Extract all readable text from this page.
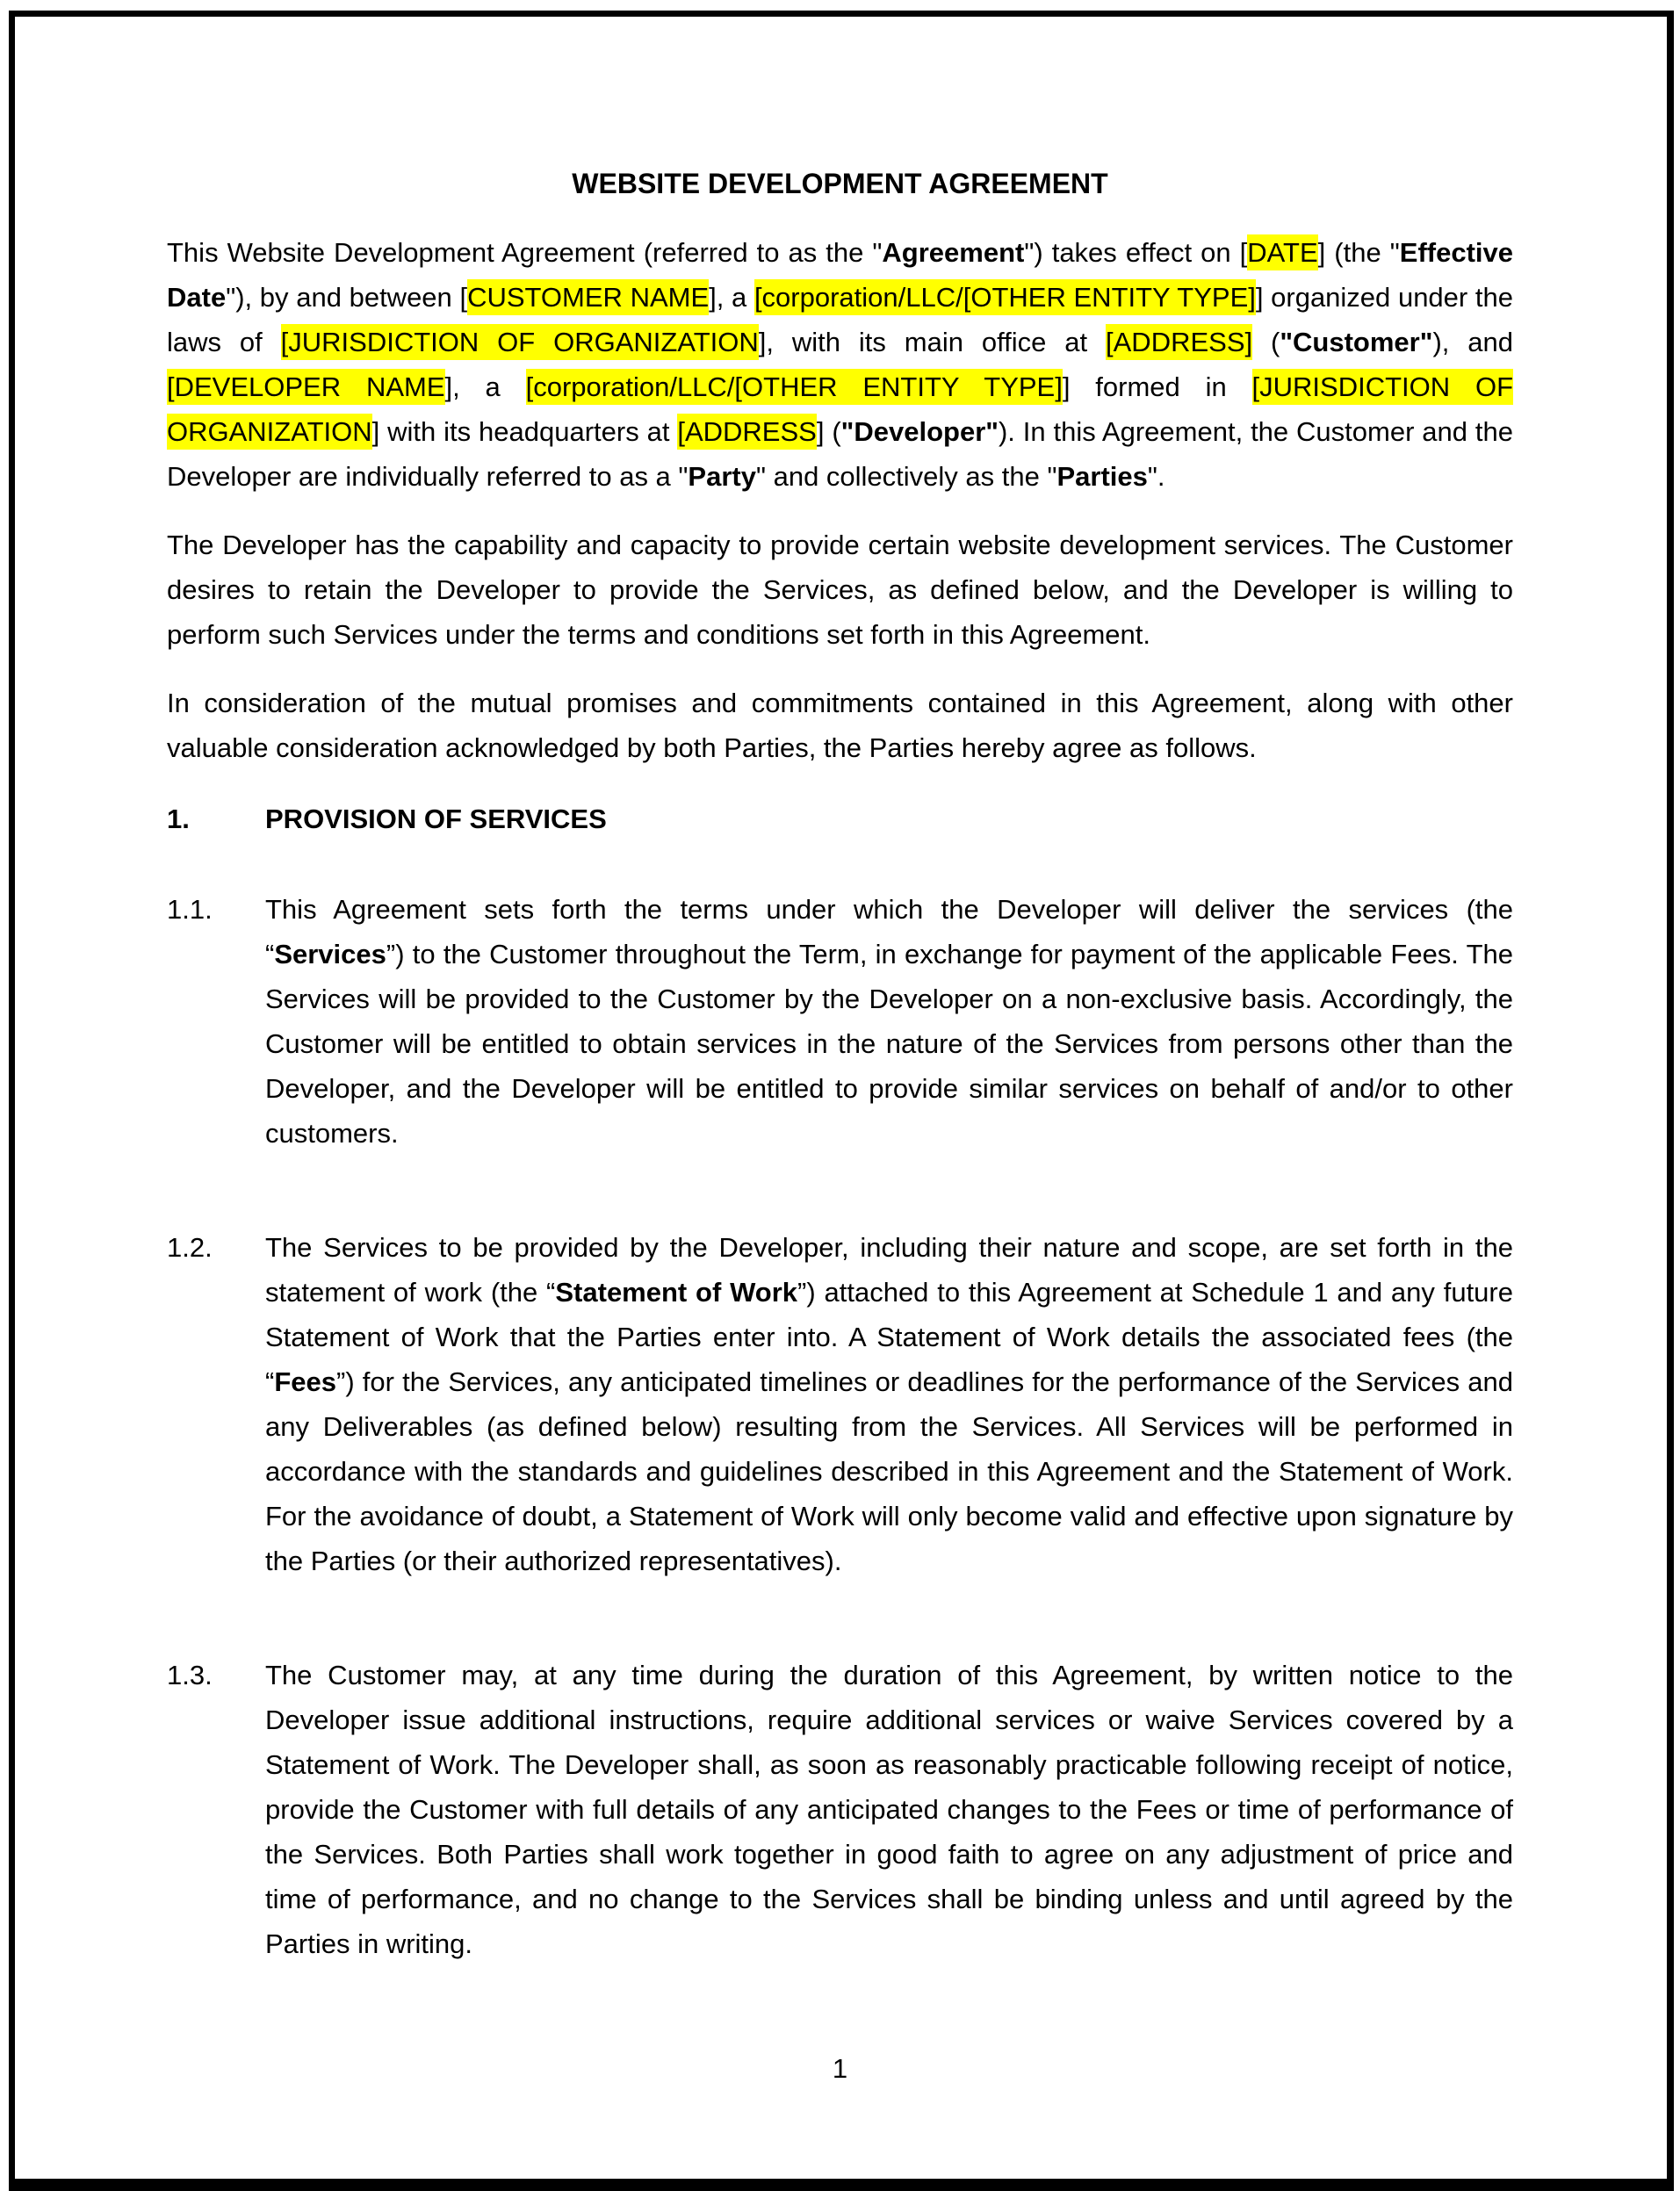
WEBSITE DEVELOPMENT AGREEMENT

This Website Development Agreement (referred to as the "Agreement") takes effect on [DATE] (the "Effective Date"), by and between [CUSTOMER NAME], a [corporation/LLC/[OTHER ENTITY TYPE]] organized under the laws of [JURISDICTION OF ORGANIZATION], with its main office at [ADDRESS] ("Customer"), and [DEVELOPER NAME], a [corporation/LLC/[OTHER ENTITY TYPE]] formed in [JURISDICTION OF ORGANIZATION] with its headquarters at [ADDRESS] ("Developer"). In this Agreement, the Customer and the Developer are individually referred to as a "Party" and collectively as the "Parties".

The Developer has the capability and capacity to provide certain website development services. The Customer desires to retain the Developer to provide the Services, as defined below, and the Developer is willing to perform such Services under the terms and conditions set forth in this Agreement.

In consideration of the mutual promises and commitments contained in this Agreement, along with other valuable consideration acknowledged by both Parties, the Parties hereby agree as follows.

1.	PROVISION OF SERVICES
1.1.	This Agreement sets forth the terms under which the Developer will deliver the services (the “Services”) to the Customer throughout the Term, in exchange for payment of the applicable Fees. The Services will be provided to the Customer by the Developer on a non-exclusive basis. Accordingly, the Customer will be entitled to obtain services in the nature of the Services from persons other than the Developer, and the Developer will be entitled to provide similar services on behalf of and/or to other customers.
1.2.	The Services to be provided by the Developer, including their nature and scope, are set forth in the statement of work (the “Statement of Work”) attached to this Agreement at Schedule 1 and any future Statement of Work that the Parties enter into. A Statement of Work details the associated fees (the “Fees”) for the Services, any anticipated timelines or deadlines for the performance of the Services and any Deliverables (as defined below) resulting from the Services. All Services will be performed in accordance with the standards and guidelines described in this Agreement and the Statement of Work. For the avoidance of doubt, a Statement of Work will only become valid and effective upon signature by the Parties (or their authorized representatives).
1.3.	The Customer may, at any time during the duration of this Agreement, by written notice to the Developer issue additional instructions, require additional services or waive Services covered by a Statement of Work. The Developer shall, as soon as reasonably practicable following receipt of notice, provide the Customer with full details of any anticipated changes to the Fees or time of performance of the Services. Both Parties shall work together in good faith to agree on any adjustment of price and time of performance, and no change to the Services shall be binding unless and until agreed by the Parties in writing.
1
